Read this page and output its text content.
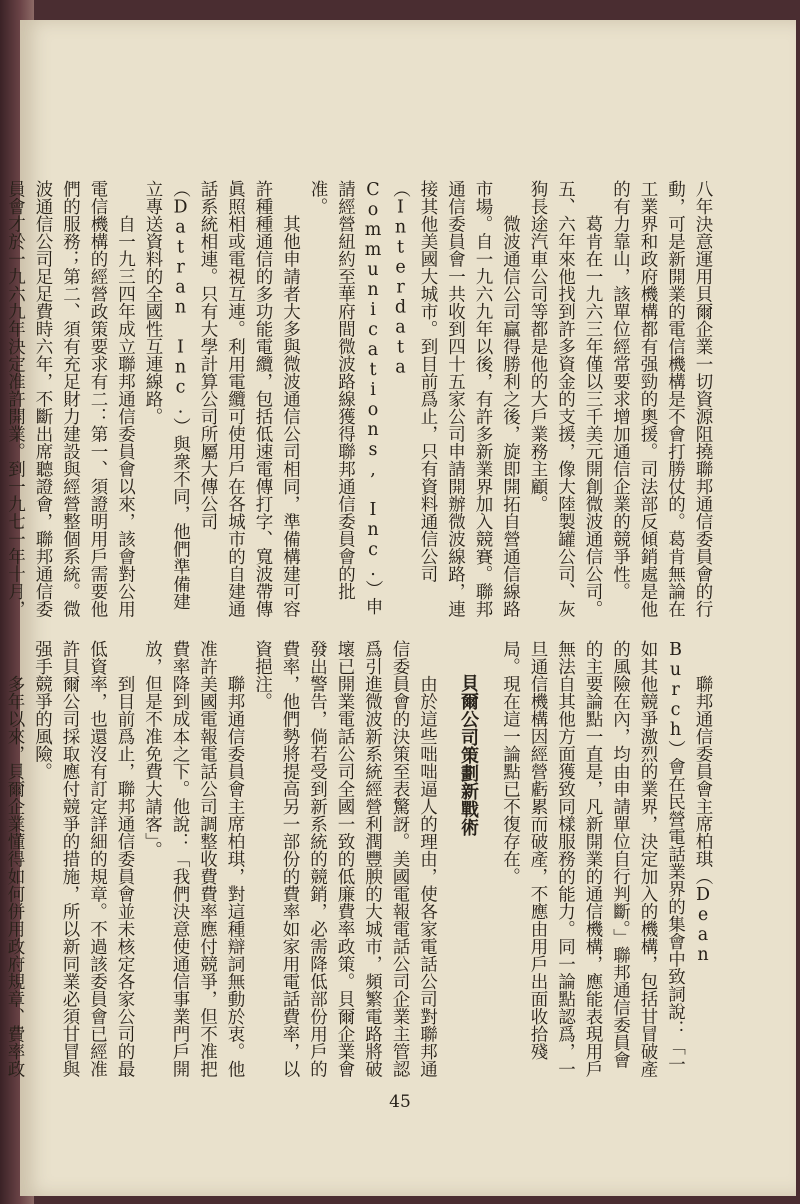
八年決意運用貝爾企業一切資源阻撓聯邦通信委員會的行動，可是新開業的電信機構是不會打勝仗的。葛肯無論在工業界和政府機構都有强勁的奧援。司法部反傾銷處是他的有力靠山，該單位經常要求增加通信企業的競爭性。
葛肯在一九六三年僅以三千美元開創微波通信公司。五、六年來他找到許多資金的支援，像大陸製罐公司、灰狗長途汽車公司等都是他的大戶業務主顧。
微波通信公司贏得勝利之後，旋即開拓自營通信線路市場。自一九六九年以後，有許多新業界加入競賽。聯邦通信委員會一共收到四十五家公司申請開辦微波線路，連接其他美國大城市。到目前爲止，只有資料通信公司（Interdata Communications, Inc.）申請經營紐約至華府間微波路線獲得聯邦通信委員會的批准。
其他申請者大多與微波通信公司相同，準備構建可容許種種通信的多功能電纜，包括低速電傳打字、寬波帶傳眞照相或電視互連。利用電纜可使用戶在各城市的自建通話系統相連。只有大學計算公司所屬大傳公司（Datran Inc.）與衆不同，他們準備建立專送資料的全國性互連線路。
自一九三四年成立聯邦通信委員會以來，該會對公用電信機構的經營政策要求有二：第一、須證明用戶需要他們的服務；第二、須有充足財力建設與經營整個系統。微波通信公司足足費時六年，不斷出席聽證會，聯邦通信委員會才於一九六九年決定准許開業。到一九七一年十月，
聯邦通信委員會主席柏琪（Dean Burch）會在民營電話業界的集會中致詞說：「一如其他競爭激烈的業界，決定加入的機構，包括甘冒破產的風險在內，均由申請單位自行判斷。」聯邦通信委員會的主要論點一直是，凡新開業的通信機構，應能表現用戶無法自其他方面獲致同樣服務的能力。同一論點認爲，一旦通信機構因經營虧累而破產，不應由用戶出面收拾殘局。現在這一論點已不復存在。
貝爾公司策劃新戰術
由於這些咄咄逼人的理由，使各家電話公司對聯邦通信委員會的決策至表驚訝。美國電報電話公司企業主管認爲引進微波新系統經營利潤豐腴的大城市，頻繁電路將破壞已開業電話公司全國一致的低廉費率政策。貝爾企業會發出警告，倘若受到新系統的競銷，必需降低部份用戶的費率，他們勢將提高另一部份的費率如家用電話費率，以資挹注。
聯邦通信委員會主席柏琪，對這種辯詞無動於衷。他准許美國電報電話公司調整收費費率應付競爭，但不准把費率降到成本之下。他說：「我們決意使通信事業門戶開放，但是不准免費大請客」。
到目前爲止，聯邦通信委員會並未核定各家公司的最低資率，也還沒有訂定詳細的規章。不過該委員會已經准許貝爾公司採取應付競爭的措施，所以新同業必須甘冒與强手競爭的風險。
多年以來，貝爾企業懂得如何併用政府規章、費率政
45
